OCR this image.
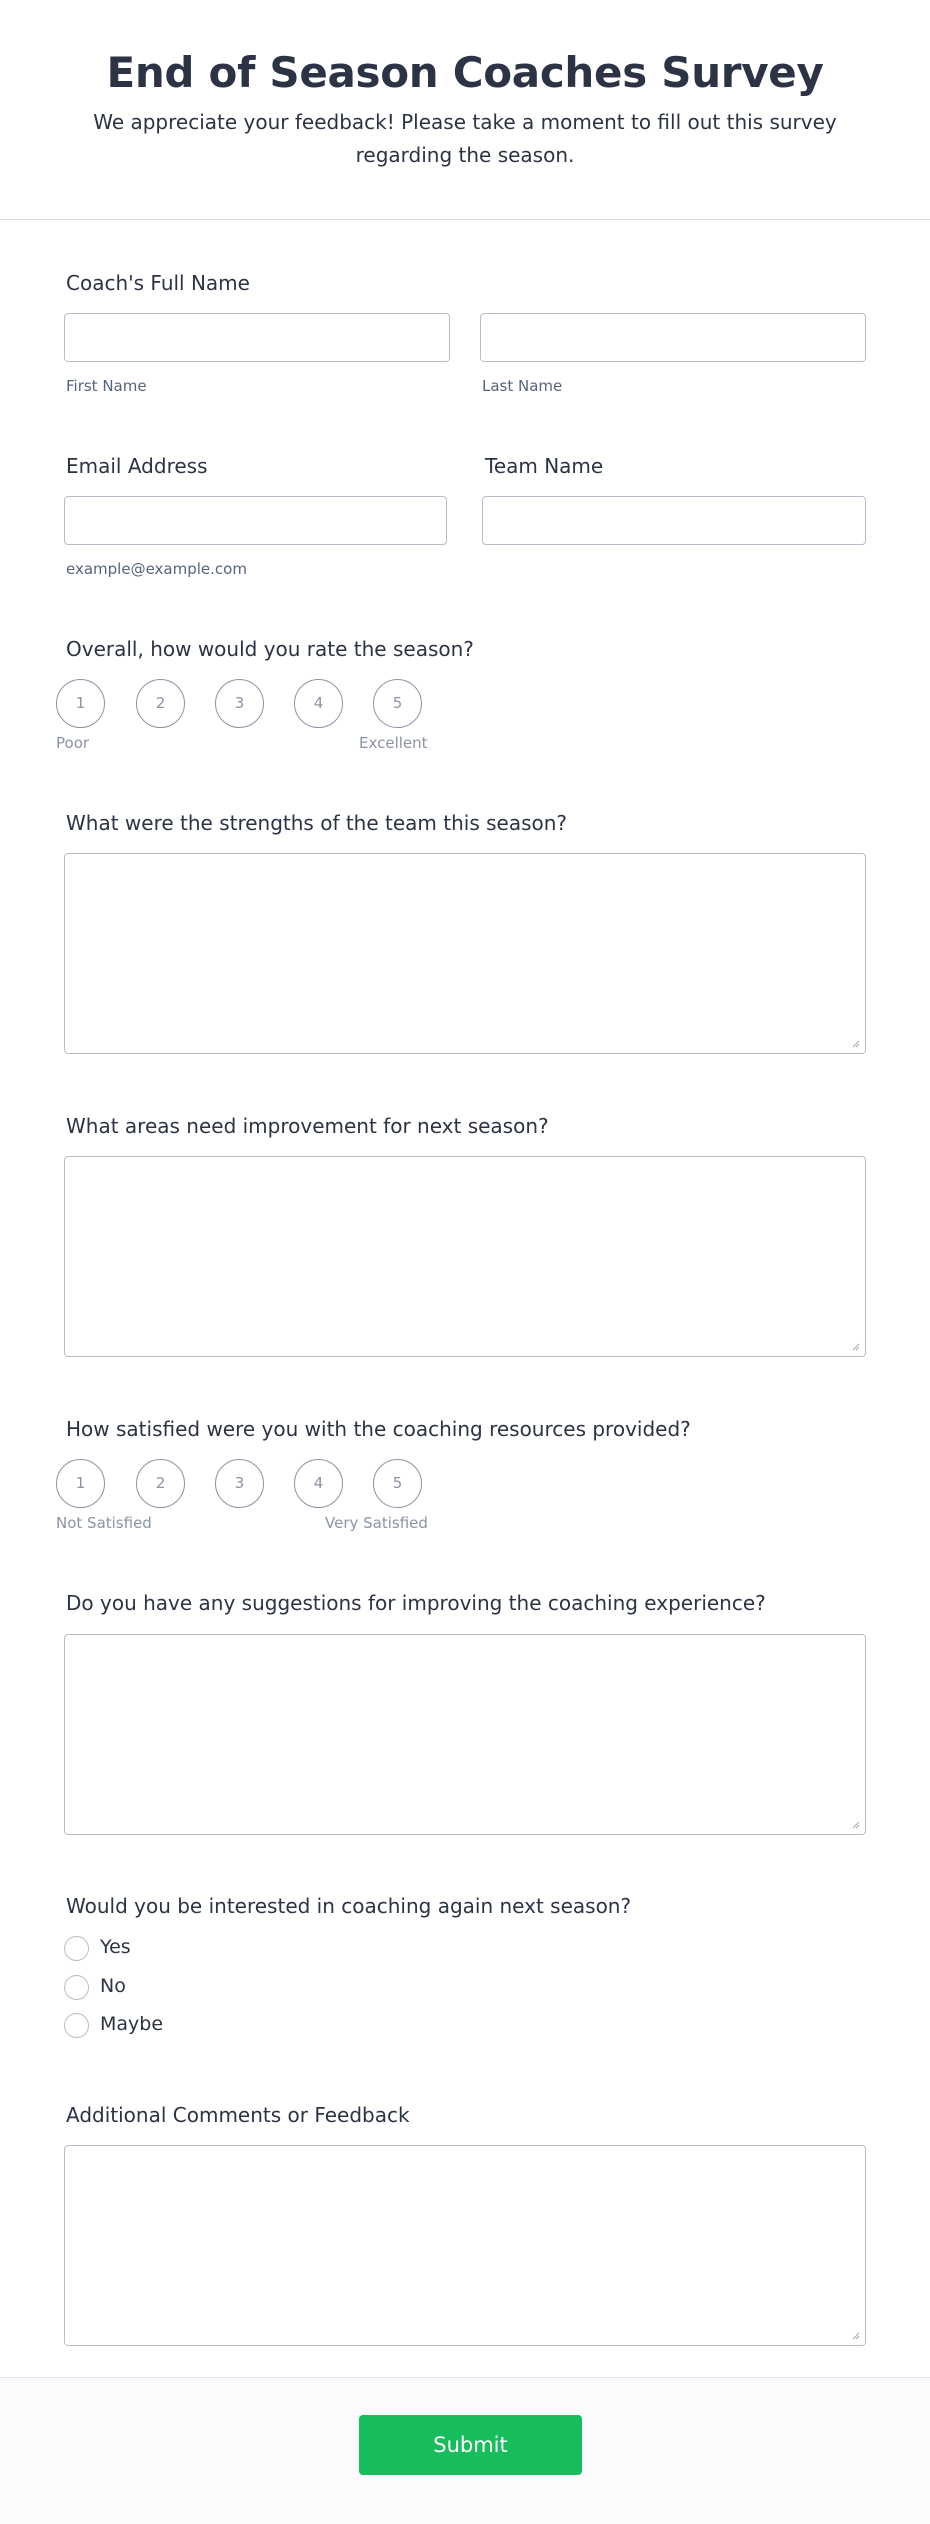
End of Season Coaches Survey
We appreciate your feedback! Please take a moment to fill out this survey regarding the season.
Coach's Full Name
First Name	Last Name
Email Address
example@example.com
Team Name
Overall, how would you rate the season?
1	2	3	4	5
Poor	Excellent
What were the strengths of the team this season?
What areas need improvement for next season?
How satisfied were you with the coaching resources provided?
1	2	3	4	5
Not Satisfied	Very Satisfied
Do you have any suggestions for improving the coaching experience?
Would you be interested in coaching again next season?
Yes
No
Maybe
Additional Comments or Feedback
Submit
